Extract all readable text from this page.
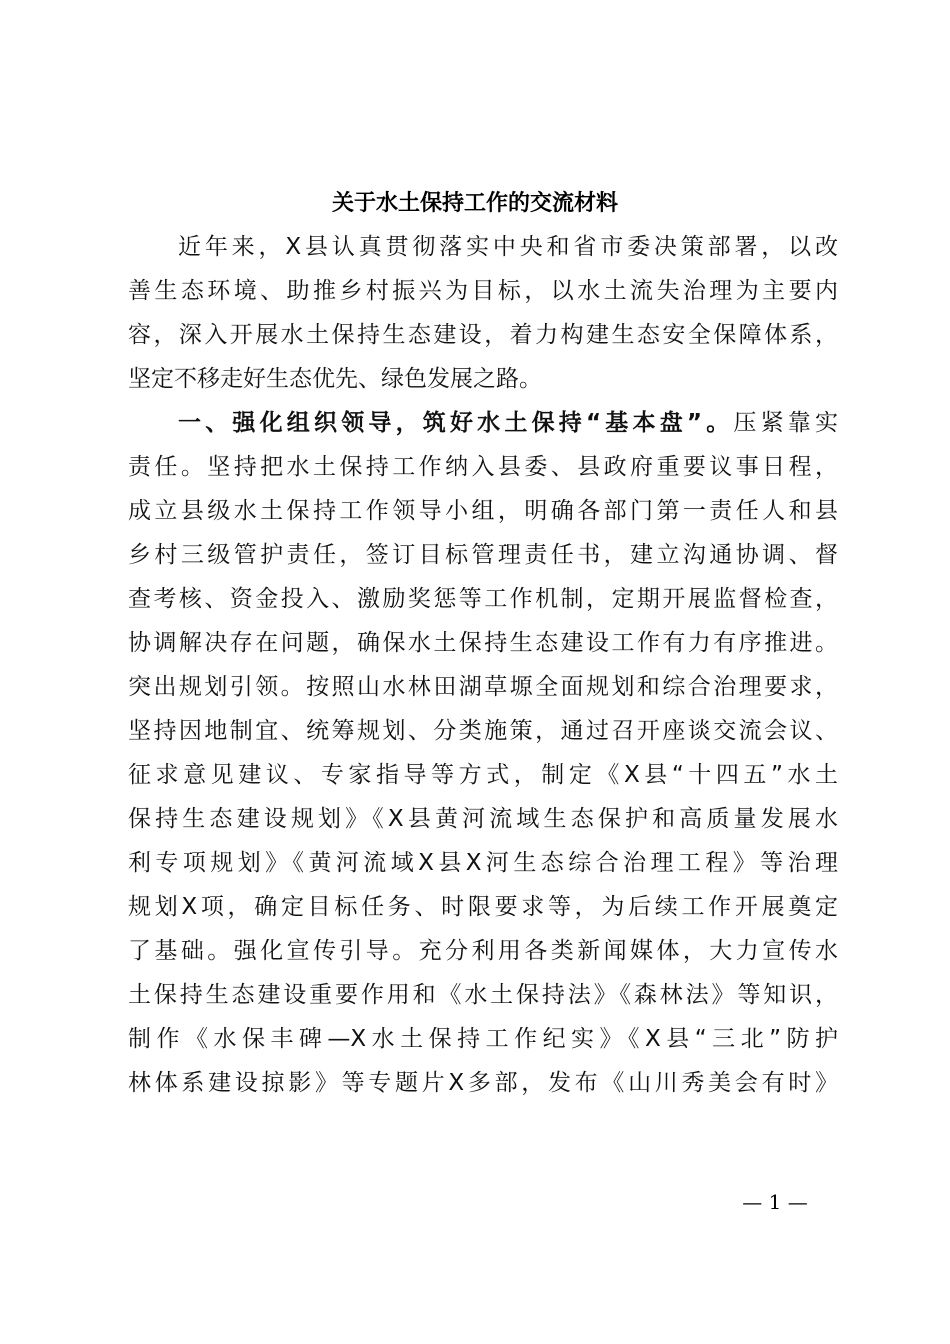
关于水土保持工作的交流材料
近年来，X县认真贯彻落实中央和省市委决策部署，以改
善生态环境、助推乡村振兴为目标，以水土流失治理为主要内
容，深入开展水土保持生态建设，着力构建生态安全保障体系，
坚定不移走好生态优先、绿色发展之路。
一、强化组织领导，筑好水土保持“基本盘”。压紧靠实
责任。坚持把水土保持工作纳入县委、县政府重要议事日程，
成立县级水土保持工作领导小组，明确各部门第一责任人和县
乡村三级管护责任，签订目标管理责任书，建立沟通协调、督
查考核、资金投入、激励奖惩等工作机制，定期开展监督检查，
协调解决存在问题，确保水土保持生态建设工作有力有序推进。
突出规划引领。按照山水林田湖草塬全面规划和综合治理要求，
坚持因地制宜、统筹规划、分类施策，通过召开座谈交流会议、
征求意见建议、专家指导等方式，制定《X县“十四五”水土
保持生态建设规划》《X县黄河流域生态保护和高质量发展水
利专项规划》《黄河流域X县X河生态综合治理工程》等治理
规划X项，确定目标任务、时限要求等，为后续工作开展奠定
了基础。强化宣传引导。充分利用各类新闻媒体，大力宣传水
土保持生态建设重要作用和《水土保持法》《森林法》等知识，
制作《水保丰碑—X水土保持工作纪实》《X县“三北”防护
林体系建设掠影》等专题片X多部，发布《山川秀美会有时》
— 1 —
